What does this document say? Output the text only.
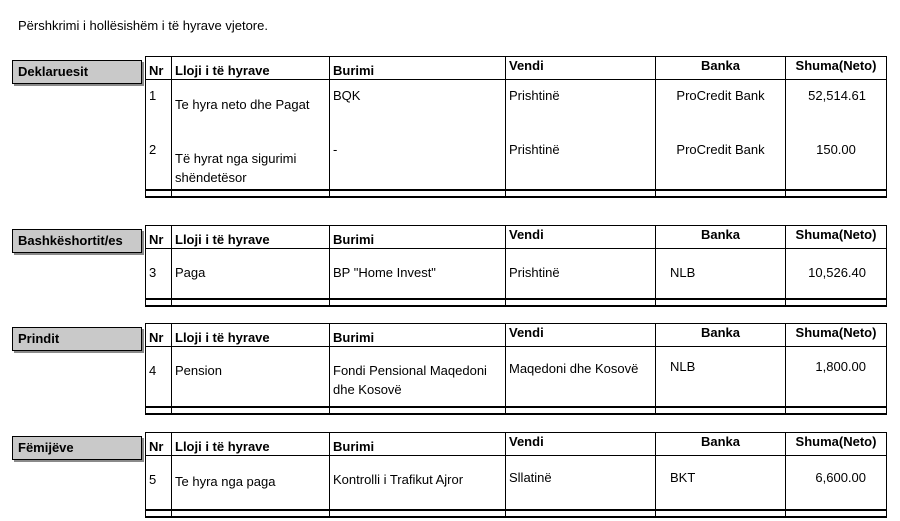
Përshkrimi i hollësishëm i të hyrave vjetore.
Deklaruesit	Nr	Lloji i të hyrave	Burimi	Vendi	Banka	Shuma(Neto)
1	Te hyra neto dhe Pagat	BQK	Prishtinë	ProCredit Bank	52,514.61
2	Të hyrat nga sigurimi shëndetësor	-	Prishtinë	ProCredit Bank	150.00

Bashkëshortit/es	Nr	Lloji i të hyrave	Burimi	Vendi	Banka	Shuma(Neto)
3	Paga	BP "Home Invest"	Prishtinë	NLB	10,526.40

Prindit	Nr	Lloji i të hyrave	Burimi	Vendi	Banka	Shuma(Neto)
4	Pension	Fondi Pensional Maqedoni dhe Kosovë	Maqedoni dhe Kosovë	NLB	1,800.00

Fëmijëve	Nr	Lloji i të hyrave	Burimi	Vendi	Banka	Shuma(Neto)
5	Te hyra nga paga	Kontrolli i Trafikut Ajror	Sllatinë	BKT	6,600.00
